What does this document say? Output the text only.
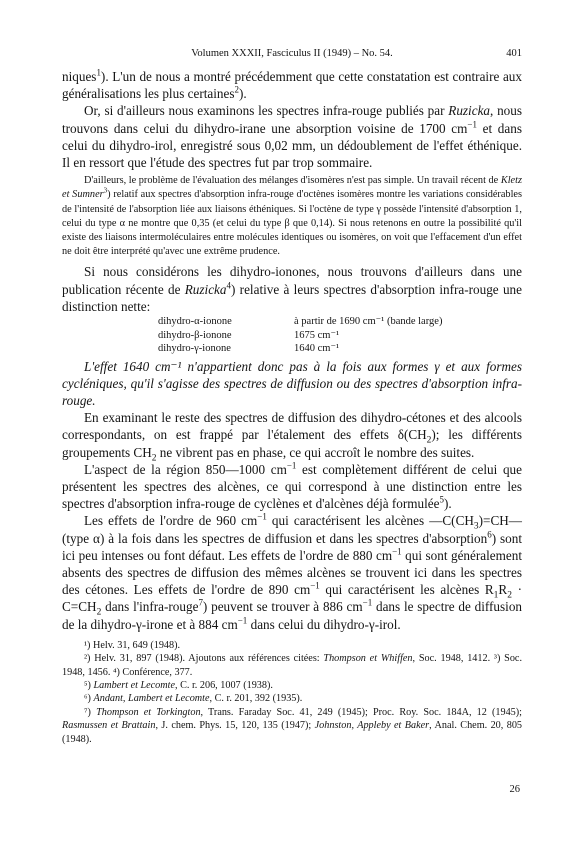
Volumen XXXII, Fasciculus II (1949) – No. 54.	401

niques$^1$). L'un de nous a montré précédemment que cette constatation est contraire aux généralisations les plus certaines$^2$).

Or, si d'ailleurs nous examinons les spectres infra-rouge publiés par Ruzicka, nous trouvons dans celui du dihydro-irane une absorption voisine de 1700 $cm^{-1}$ et dans celui du dihydro-irol, enregistré sous 0,02 mm, un dédoublement de l'effet éthénique. Il en ressort que l'étude des spectres fut par trop sommaire.

D'ailleurs, le problème de l'évaluation des mélanges d'isomères n'est pas simple. Un travail récent de Kletz et Sumner$^3$) relatif aux spectres d'absorption infra-rouge d'octènes isomères montre les variations considérables de l'intensité de l'absorption liée aux liaisons éthéniques. Si l'octène de type γ possède l'intensité d'absorption 1, celui du type α ne montre que 0,35 (et celui du type β que 0,14). Si nous retenons en outre la possibilité qu'il existe des liaisons intermoléculaires entre molécules identiques ou isomères, on voit que l'effacement d'un effet ne doit être interprété qu'avec une extrême prudence.

Si nous considérons les dihydro-ionones, nous trouvons d'ailleurs dans une publication récente de Ruzicka$^4$) relative à leurs spectres d'absorption infra-rouge une distinction nette:

dihydro-α-ionone	à partir de 1690 cm⁻¹ (bande large)
dihydro-β-ionone	1675 cm⁻¹
dihydro-γ-ionone	1640 cm⁻¹

L'effet 1640 cm⁻¹ n'appartient donc pas à la fois aux formes γ et aux formes cycléniques, qu'il s'agisse des spectres de diffusion ou des spectres d'absorption infra-rouge.

En examinant le reste des spectres de diffusion des dihydro-cétones et des alcools correspondants, on est frappé par l'étalement des effets $\delta(CH_2)$; les différents groupements $CH_2$ ne vibrent pas en phase, ce qui accroît le nombre des suites.

L'aspect de la région 850—1000 $cm^{-1}$ est complètement différent de celui que présentent les spectres des alcènes, ce qui correspond à une distinction entre les spectres d'absorption infra-rouge de cyclènes et d'alcènes déjà formulée$^5$).

Les effets de l'ordre de 960 $cm^{-1}$ qui caractérisent les alcènes $—C(CH_3)=CH—$ (type α) à la fois dans les spectres de diffusion et dans les spectres d'absorption$^6$) sont ici peu intenses ou font défaut. Les effets de l'ordre de 880 $cm^{-1}$ qui sont généralement absents des spectres de diffusion des mêmes alcènes se trouvent ici dans les spectres des cétones. Les effets de l'ordre de 890 $cm^{-1}$ qui caractérisent les alcènes $R_1R_2 \cdot C=CH_2$ dans l'infra-rouge$^7$) peuvent se trouver à 886 $cm^{-1}$ dans le spectre de diffusion de la dihydro-γ-irone et à 884 $cm^{-1}$ dans celui du dihydro-γ-irol.

¹) Helv. 31, 649 (1948).

²) Helv. 31, 897 (1948). Ajoutons aux références citées: Thompson et Whiffen, Soc. 1948, 1412. ³) Soc. 1948, 1456. ⁴) Conférence, 377.

⁵) Lambert et Lecomte, C. r. 206, 1007 (1938).

⁶) Andant, Lambert et Lecomte, C. r. 201, 392 (1935).

⁷) Thompson et Torkington, Trans. Faraday Soc. 41, 249 (1945); Proc. Roy. Soc. 184A, 12 (1945); Rasmussen et Brattain, J. chem. Phys. 15, 120, 135 (1947); Johnston, Appleby et Baker, Anal. Chem. 20, 805 (1948).

26
